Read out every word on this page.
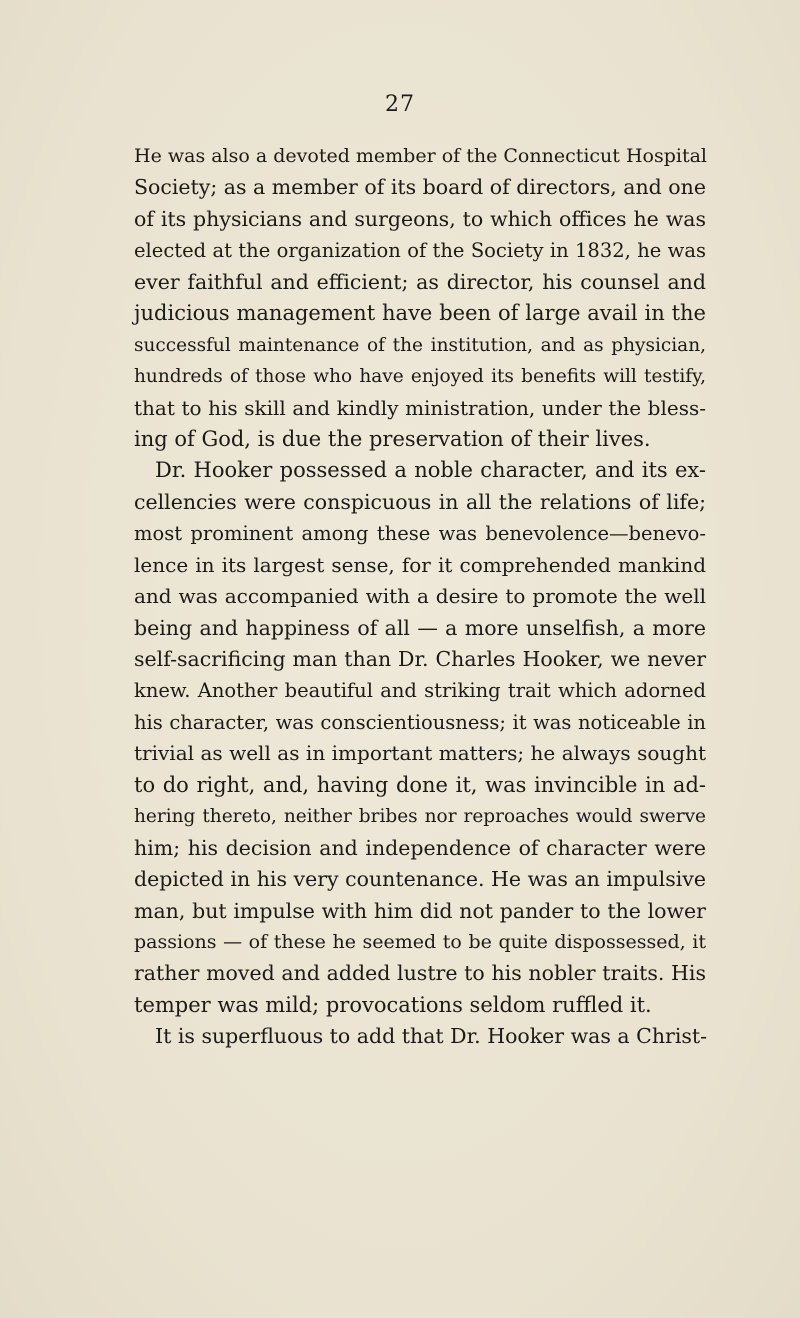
27
He was also a devoted member of the Connecticut Hospital
Society; as a member of its board of directors, and one
of its physicians and surgeons, to which offices he was
elected at the organization of the Society in 1832, he was
ever faithful and efficient; as director, his counsel and
judicious management have been of large avail in the
successful maintenance of the institution, and as physician,
hundreds of those who have enjoyed its benefits will testify,
that to his skill and kindly ministration, under the bless-
ing of God, is due the preservation of their lives.
Dr. Hooker possessed a noble character, and its ex-
cellencies were conspicuous in all the relations of life;
most prominent among these was benevolence—benevo-
lence in its largest sense, for it comprehended mankind
and was accompanied with a desire to promote the well
being and happiness of all — a more unselfish, a more
self-sacrificing man than Dr. Charles Hooker, we never
knew. Another beautiful and striking trait which adorned
his character, was conscientiousness; it was noticeable in
trivial as well as in important matters; he always sought
to do right, and, having done it, was invincible in ad-
hering thereto, neither bribes nor reproaches would swerve
him; his decision and independence of character were
depicted in his very countenance. He was an impulsive
man, but impulse with him did not pander to the lower
passions — of these he seemed to be quite dispossessed, it
rather moved and added lustre to his nobler traits. His
temper was mild; provocations seldom ruffled it.
It is superfluous to add that Dr. Hooker was a Christ-
